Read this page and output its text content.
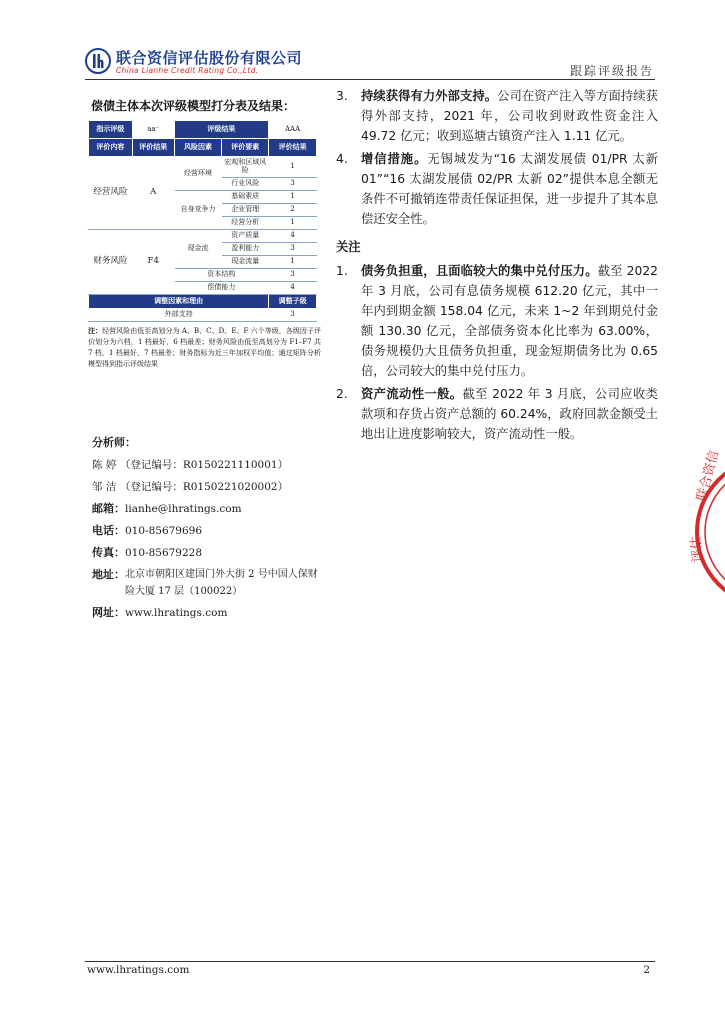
联合资信评估股份有限公司
China Lianhe Credit Rating Co.,Ltd.	跟踪评级报告
联合资信
评估
偿债主体本次评级模型打分表及结果：
指示评级	aa⁻	评级结果		AAA
评价内容	评价结果	风险因素	评价要素	评价结果
经营风险	A	经营环境	宏观和区域风险	1
			行业风险	3
		自身竞争力	基础素质	1
			企业管理	2
			经营分析	1
财务风险	F4	现金流	资产质量	4
			盈利能力	3
			现金流量	1
		资本结构		3
		偿债能力		4
调整因素和理由				调整子级
外部支持				3
注：经营风险由低至高划分为 A、B、C、D、E、F 六个等级，各级因子评价划分为六档，1 档最好，6 档最差；财务风险由低至高划分为 F1–F7 共 7 档，1 档最好，7 档最差；财务指标为近三年加权平均值；通过矩阵分析模型得到指示评级结果
分析师：
陈 婷 （登记编号：R0150221110001）
邹 洁 （登记编号：R0150221020002）
邮箱：lianhe@lhratings.com
电话：010-85679696
传真：010-85679228
地址： 北京市朝阳区建国门外大街 2 号中国人保财险大厦 17 层（100022）
网址：www.lhratings.com
3.	持续获得有力外部支持。公司在资产注入等方面持续获得外部支持，2021 年，公司收到财政性资金注入 49.72 亿元；收到巡塘古镇资产注入 1.11 亿元。
4.	增信措施。无锡城发为“16 太湖发展债 01/PR 太新 01”“16 太湖发展债 02/PR 太新 02”提供本息全额无条件不可撤销连带责任保证担保，进一步提升了其本息偿还安全性。
关注
1.	债务负担重，且面临较大的集中兑付压力。截至 2022 年 3 月底，公司有息债务规模 612.20 亿元，其中一年内到期金额 158.04 亿元，未来 1~2 年到期兑付金额 130.30 亿元，全部债务资本化比率为 63.00%，债务规模仍大且债务负担重，现金短期债务比为 0.65 倍，公司较大的集中兑付压力。
2.	资产流动性一般。截至 2022 年 3 月底，公司应收类款项和存货占资产总额的 60.24%，政府回款金额受土地出让进度影响较大，资产流动性一般。
www.lhratings.com	2
